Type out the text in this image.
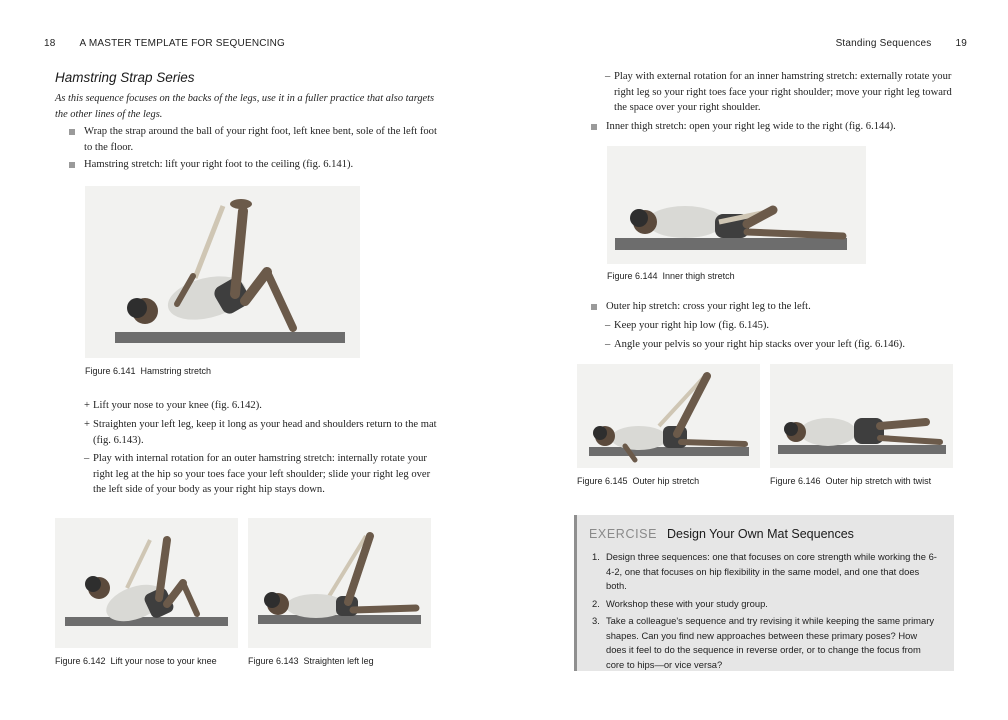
18 A MASTER TEMPLATE FOR SEQUENCING	Standing Sequences 19
Hamstring Strap Series
As this sequence focuses on the backs of the legs, use it in a fuller practice that also targets the other lines of the legs.
Wrap the strap around the ball of your right foot, left knee bent, sole of the left foot to the floor.
Hamstring stretch: lift your right foot to the ceiling (fig. 6.141).
Figure 6.141 Hamstring stretch
+ Lift your nose to your knee (fig. 6.142).
+ Straighten your left leg, keep it long as your head and shoulders return to the mat (fig. 6.143).
– Play with internal rotation for an outer hamstring stretch: internally rotate your right leg at the hip so your toes face your left shoulder; slide your right leg over the left side of your body as your right hip stays down.
Figure 6.142 Lift your nose to your knee	Figure 6.143 Straighten left leg
– Play with external rotation for an inner hamstring stretch: externally rotate your right leg so your right toes face your right shoulder; move your right leg toward the space over your right shoulder.
Inner thigh stretch: open your right leg wide to the right (fig. 6.144).
Figure 6.144 Inner thigh stretch
Outer hip stretch: cross your right leg to the left.
– Keep your right hip low (fig. 6.145).
– Angle your pelvis so your right hip stacks over your left (fig. 6.146).
Figure 6.145 Outer hip stretch	Figure 6.146 Outer hip stretch with twist
EXERCISE Design Your Own Mat Sequences
1. Design three sequences: one that focuses on core strength while working the 6-4-2, one that focuses on hip flexibility in the same model, and one that does both.
2. Workshop these with your study group.
3. Take a colleague's sequence and try revising it while keeping the same primary shapes. Can you find new approaches between these primary poses? How does it feel to do the sequence in reverse order, or to change the focus from core to hips—or vice versa?
